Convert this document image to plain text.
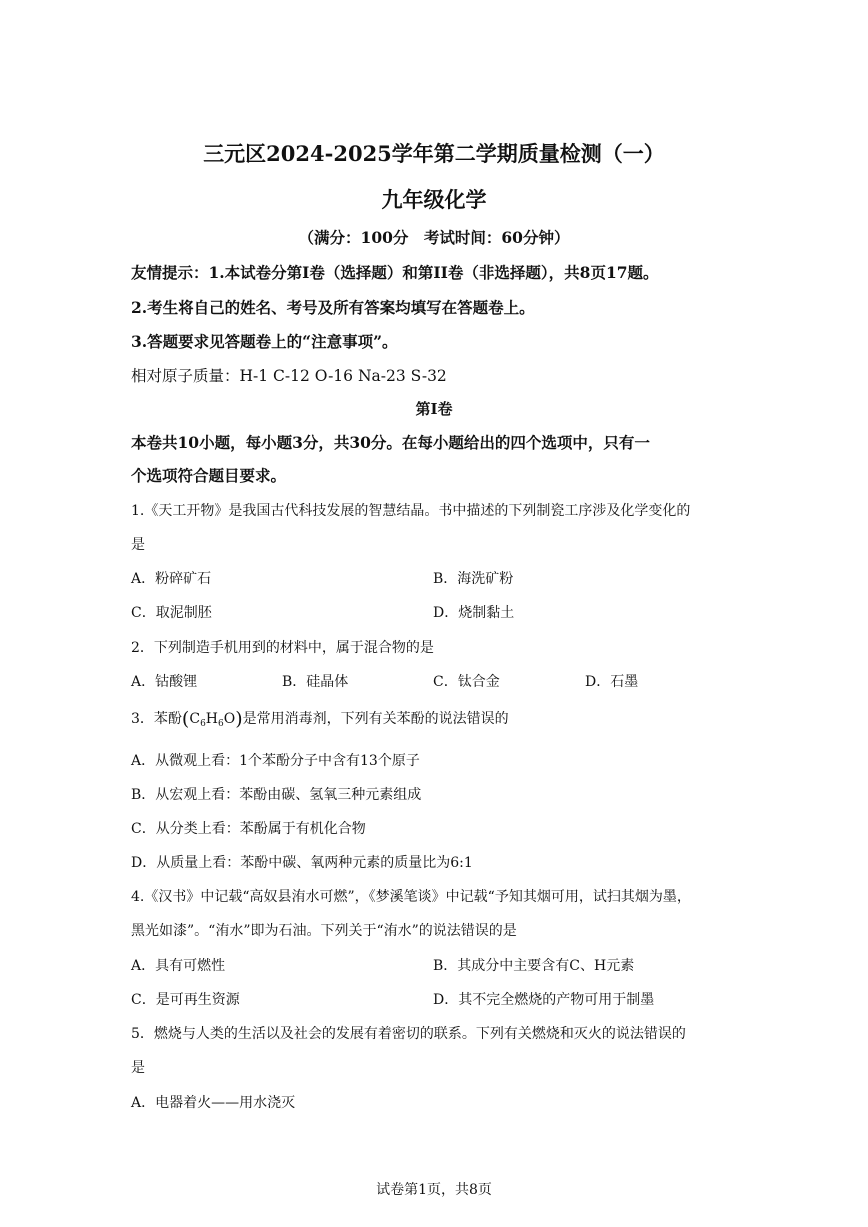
三元区2024-2025学年第二学期质量检测（一）
九年级化学
（满分：100分　考试时间：60分钟）
友情提示：1.本试卷分第I卷（选择题）和第II卷（非选择题），共8页17题。
2.考生将自己的姓名、考号及所有答案均填写在答题卷上。
3.答题要求见答题卷上的“注意事项”。
相对原子质量：H-1 C-12 O-16 Na-23 S-32
第I卷
本卷共10小题，每小题3分，共30分。在每小题给出的四个选项中，只有一
个选项符合题目要求。
1.《天工开物》是我国古代科技发展的智慧结晶。书中描述的下列制瓷工序涉及化学变化的
是
A．粉碎矿石	B．海洗矿粉
C．取泥制胚	D．烧制黏土
2．下列制造手机用到的材料中，属于混合物的是
A．钴酸锂	B．硅晶体	C．钛合金	D．石墨
3．苯酚$(C_6H_6O)$是常用消毒剂，下列有关苯酚的说法错误的
A．从微观上看：1个苯酚分子中含有13个原子
B．从宏观上看：苯酚由碳、氢氧三种元素组成
C．从分类上看：苯酚属于有机化合物
D．从质量上看：苯酚中碳、氧两种元素的质量比为6:1
4.《汉书》中记载“高奴县洧水可燃”，《梦溪笔谈》中记载“予知其烟可用，试扫其烟为墨，
黑光如漆”。“洧水”即为石油。下列关于“洧水”的说法错误的是
A．具有可燃性	B．其成分中主要含有C、H元素
C．是可再生资源	D．其不完全燃烧的产物可用于制墨
5．燃烧与人类的生活以及社会的发展有着密切的联系。下列有关燃烧和灭火的说法错误的
是
A．电器着火——用水浇灭
试卷第1页，共8页
